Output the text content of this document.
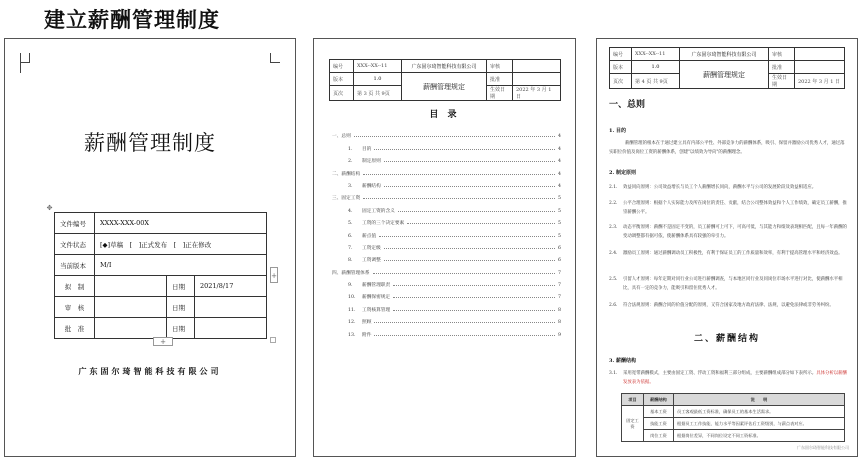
建立薪酬管理制度
薪酬管理制度
✥
文件编号	XXXX-XXX-00X		
文件状态	[◆]草稿　[　]正式发布　[　]正在修改		
当前版本	M/I		
拟　制		日期	2021/8/17
审　核		日期	
批　准		日期	
+
+
广东固尔琦智能科技有限公司
编号	XXX--XX--11	广东固尔琦智能科技有限公司	审核	
版本	1.0	薪酬管理规定	批准	
页次	第 3 页 共 9页		生效日期	2022 年 3 月 1 日
目 录
一、总则	4
1.	目的	4
2.	制定原则	4
二、薪酬结构	4
3.	薪酬结构	4
三、固定工资	5
4.	固定工资的含义	5
5.	工资的三个决定要素	5
6.	薪点值	5
7.	工资定级	6
8.	工资调整	6
四、薪酬管理体系	7
9.	薪酬管理职责	7
10.	薪酬保密规定	7
11.	工资核算管理	8
12.	照顾	8
13.	附件	9
编号	XXX--XX--11	广东固尔琦智能科技有限公司	审核	
版本	1.0	薪酬管理规定	批准	
页次	第 4 页 共 9页		生效日期	2022 年 3 月 1 日
一、总则
1. 目的
薪酬管理的根本在于通过建立具有内部公平性、外部竞争力的薪酬体系，吸引、保留并激励公司优秀人才，通过落实职位价值及岗位工资的薪酬体系，创建"以绩效为导向"的薪酬理念。
2. 制定原则
2.1. 效益同向原则：公司效益增长与员工个人薪酬增长同向，薪酬水平与公司的发展阶段及效益相适应。
2.2. 公平合理原则：根据个人实际能力及所在岗位的责任、贡献，结合公司整体效益和个人工作绩效，确定员工薪酬，推崇薪酬公平。
2.3. 动态平衡原则：薪酬不是固定不变的，员工薪酬可上可下，可高可低，与其能力和绩效表现相匹配，且每一年薪酬的变动调整都有据可依，使薪酬体系具有较强的牵引力。
2.4. 激励员工原则：通过薪酬调动员工积极性，有利于保证员工的工作质量和效率，有利于提高管理水平和经济效益。
2.5. 引留人才原则：每年定期对同行业公司进行薪酬调查，与本地区同行业及同岗位市场水平进行对比，使薪酬水平相比，具有一定的竞争力，能吸引和留住优秀人才。
2.6. 符合法规原则：薪酬合同的价值分配的原则，又符合国家及地方政府法律、法规，以避免法律或非劳务纠纷。
二、薪酬结构
3. 薪酬结构
3.1. 采用宽带薪酬模式，主要由固定工资、浮动工资和福利三部分组成，主要薪酬组成部分如下表所示。具体分析以薪酬发放表为依据。
项目	薪酬结构	说　　明
固定工资	基本工资	员工客观最低工资标准，确保员工的基本生活需求。
	技能工资	根据员工工作技能、能力水平等因素评估后工资级别，与薪点表对应。
	岗位工资	根据岗位差异，不同岗位设定不同工资标准。
广东固尔琦智能科技有限公司
